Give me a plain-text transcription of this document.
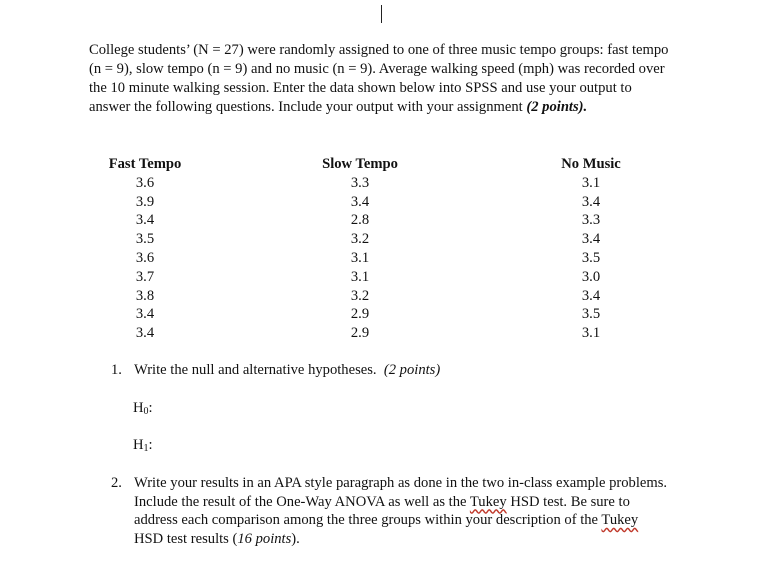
College students’ (N = 27) were randomly assigned to one of three music tempo groups: fast tempo (n = 9), slow tempo (n = 9) and no music (n = 9). Average walking speed (mph) was recorded over the 10 minute walking session. Enter the data shown below into SPSS and use your output to answer the following questions. Include your output with your assignment (2 points).
Fast Tempo
3.6
3.9
3.4
3.5
3.6
3.7
3.8
3.4
3.4
Slow Tempo
3.3
3.4
2.8
3.2
3.1
3.1
3.2
2.9
2.9
No Music
3.1
3.4
3.3
3.4
3.5
3.0
3.4
3.5
3.1
1. Write the null and alternative hypotheses. (2 points)
$H_0$:
$H_1$:
2. Write your results in an APA style paragraph as done in the two in-class example problems. Include the result of the One-Way ANOVA as well as the Tukey HSD test. Be sure to address each comparison among the three groups within your description of the Tukey HSD test results (16 points).
